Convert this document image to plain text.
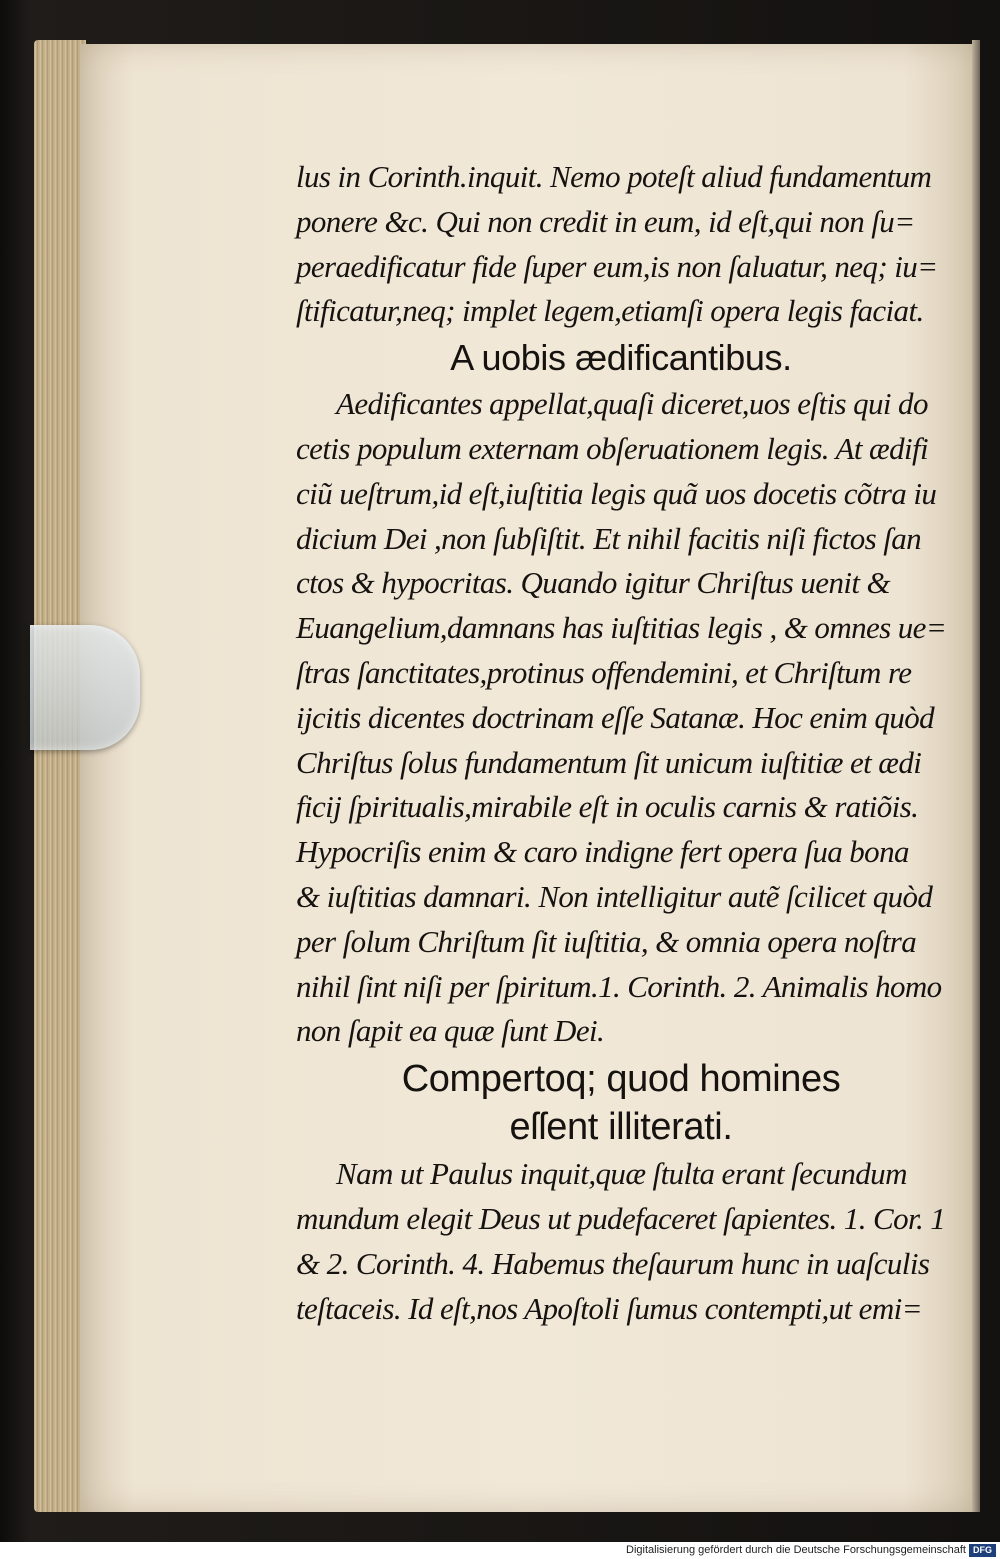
lus in Corinth.inquit. Nemo poteſt aliud fundamentum
ponere &c. Qui non credit in eum, id eſt,qui non ſu=
peraedificatur fide ſuper eum,is non ſaluatur, neq; iu=
ſtificatur,neq; implet legem,etiamſi opera legis faciat.
A uobis ædificantibus.
Aedificantes appellat,quaſi diceret,uos eſtis qui do
cetis populum externam obſeruationem legis. At ædifi
ciũ ueſtrum,id eſt,iuſtitia legis quã uos docetis cõtra iu
dicium Dei ,non ſubſiſtit. Et nihil facitis niſi fictos ſan
ctos & hypocritas. Quando igitur Chriſtus uenit &
Euangelium,damnans has iuſtitias legis , & omnes ue=
ſtras ſanctitates,protinus offendemini, et Chriſtum re
ijcitis dicentes doctrinam eſſe Satanæ. Hoc enim quòd
Chriſtus ſolus fundamentum ſit unicum iuſtitiæ et ædi
ficij ſpiritualis,mirabile eſt in oculis carnis & ratiõis.
Hypocriſis enim & caro indigne fert opera ſua bona
& iuſtitias damnari. Non intelligitur autẽ ſcilicet quòd
per ſolum Chriſtum ſit iuſtitia, & omnia opera noſtra
nihil ſint niſi per ſpiritum.1. Corinth. 2. Animalis homo
non ſapit ea quæ ſunt Dei.
Compertoq; quod homines
eſſent illiterati.
Nam ut Paulus inquit,quæ ſtulta erant ſecundum
mundum elegit Deus ut pudefaceret ſapientes. 1. Cor. 1
& 2. Corinth. 4. Habemus theſaurum hunc in uaſculis
teſtaceis. Id eſt,nos Apoſtoli ſumus contempti,ut emi=
Digitalisierung gefördert durch die Deutsche Forschungsgemeinschaft DFG
